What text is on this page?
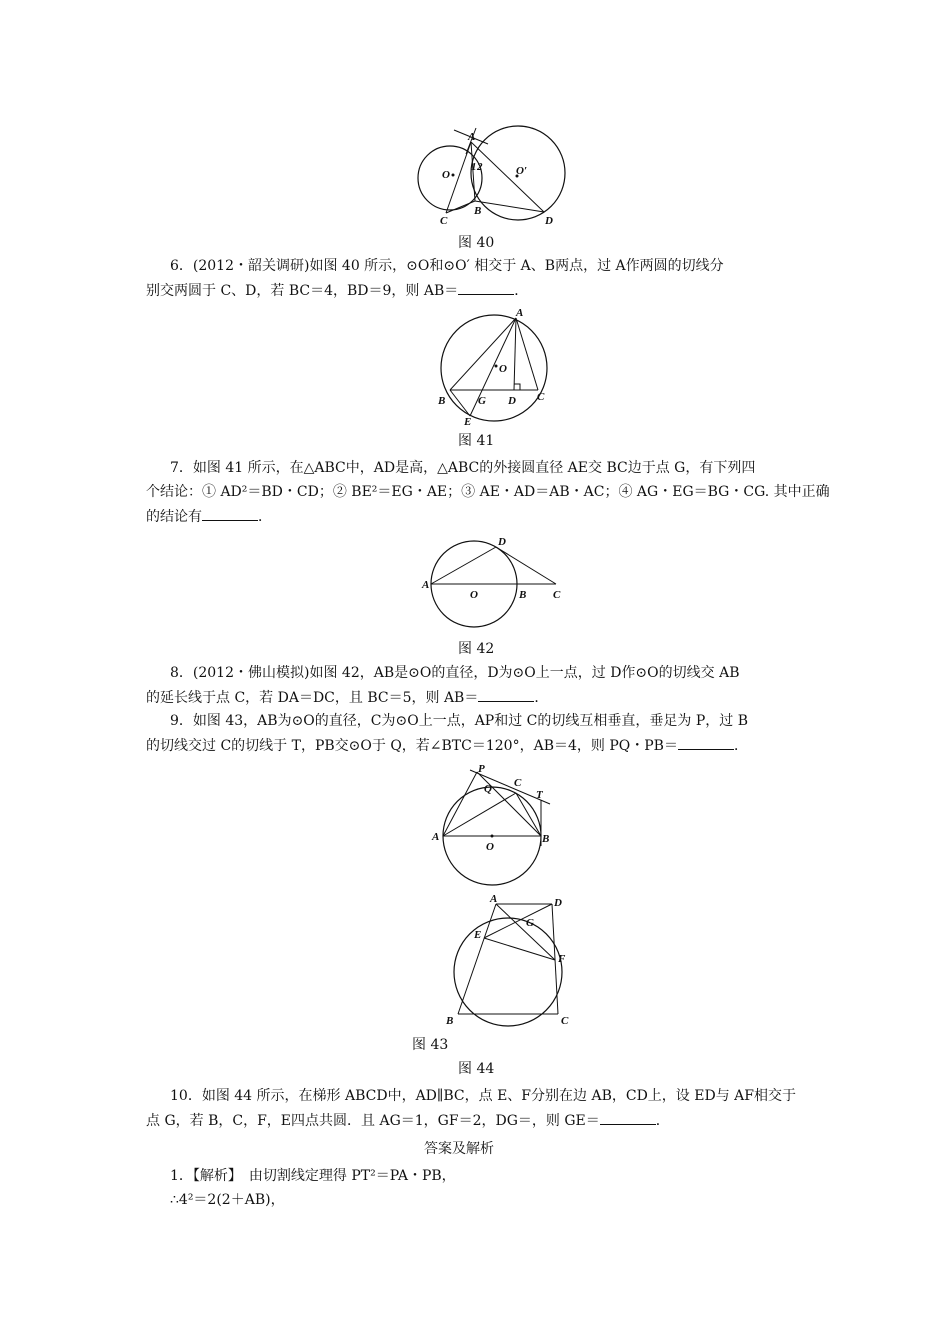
A
O	O′
1 2
C
B
D
图 40
6．(2012・韶关调研)如图 40 所示，⊙O和⊙O′ 相交于 A、B两点，过 A作两圆的切线分
别交两圆于 C、D，若 BC＝4，BD＝9，则 AB＝	．
A
O
B	G D C
E
图 41
7．如图 41 所示，在△ABC中，AD是高，△ABC的外接圆直径 AE交 BC边于点 G，有下列四
个结论：① AD²＝BD・CD；② BE²＝EG・AE；③ AE・AD＝AB・AC；④ AG・EG＝BG・CG. 其中正确
的结论有	．
D
A
O	B C
图 42
8．(2012・佛山模拟)如图 42，AB是⊙O的直径，D为⊙O上一点，过 D作⊙O的切线交 AB
的延长线于点 C，若 DA＝DC，且 BC＝5，则 AB＝	．
9．如图 43，AB为⊙O的直径，C为⊙O上一点，AP和过 C的切线互相垂直，垂足为 P，过 B
的切线交过 C的切线于 T，PB交⊙O于 Q，若∠BTC＝120°，AB＝4，则 PQ・PB＝	．
P
Q C
T
A
O
B
A	D
G
E
F
B	C
图 43
图 44
10．如图 44 所示，在梯形 ABCD中，AD∥BC，点 E、F分别在边 AB，CD上，设 ED与 AF相交于
点 G，若 B，C，F，E四点共圆．且 AG＝1，GF＝2，DG＝，则 GE＝	．
答案及解析
1．【解析】　由切割线定理得 PT²＝PA・PB，
∴4²＝2(2＋AB)，
